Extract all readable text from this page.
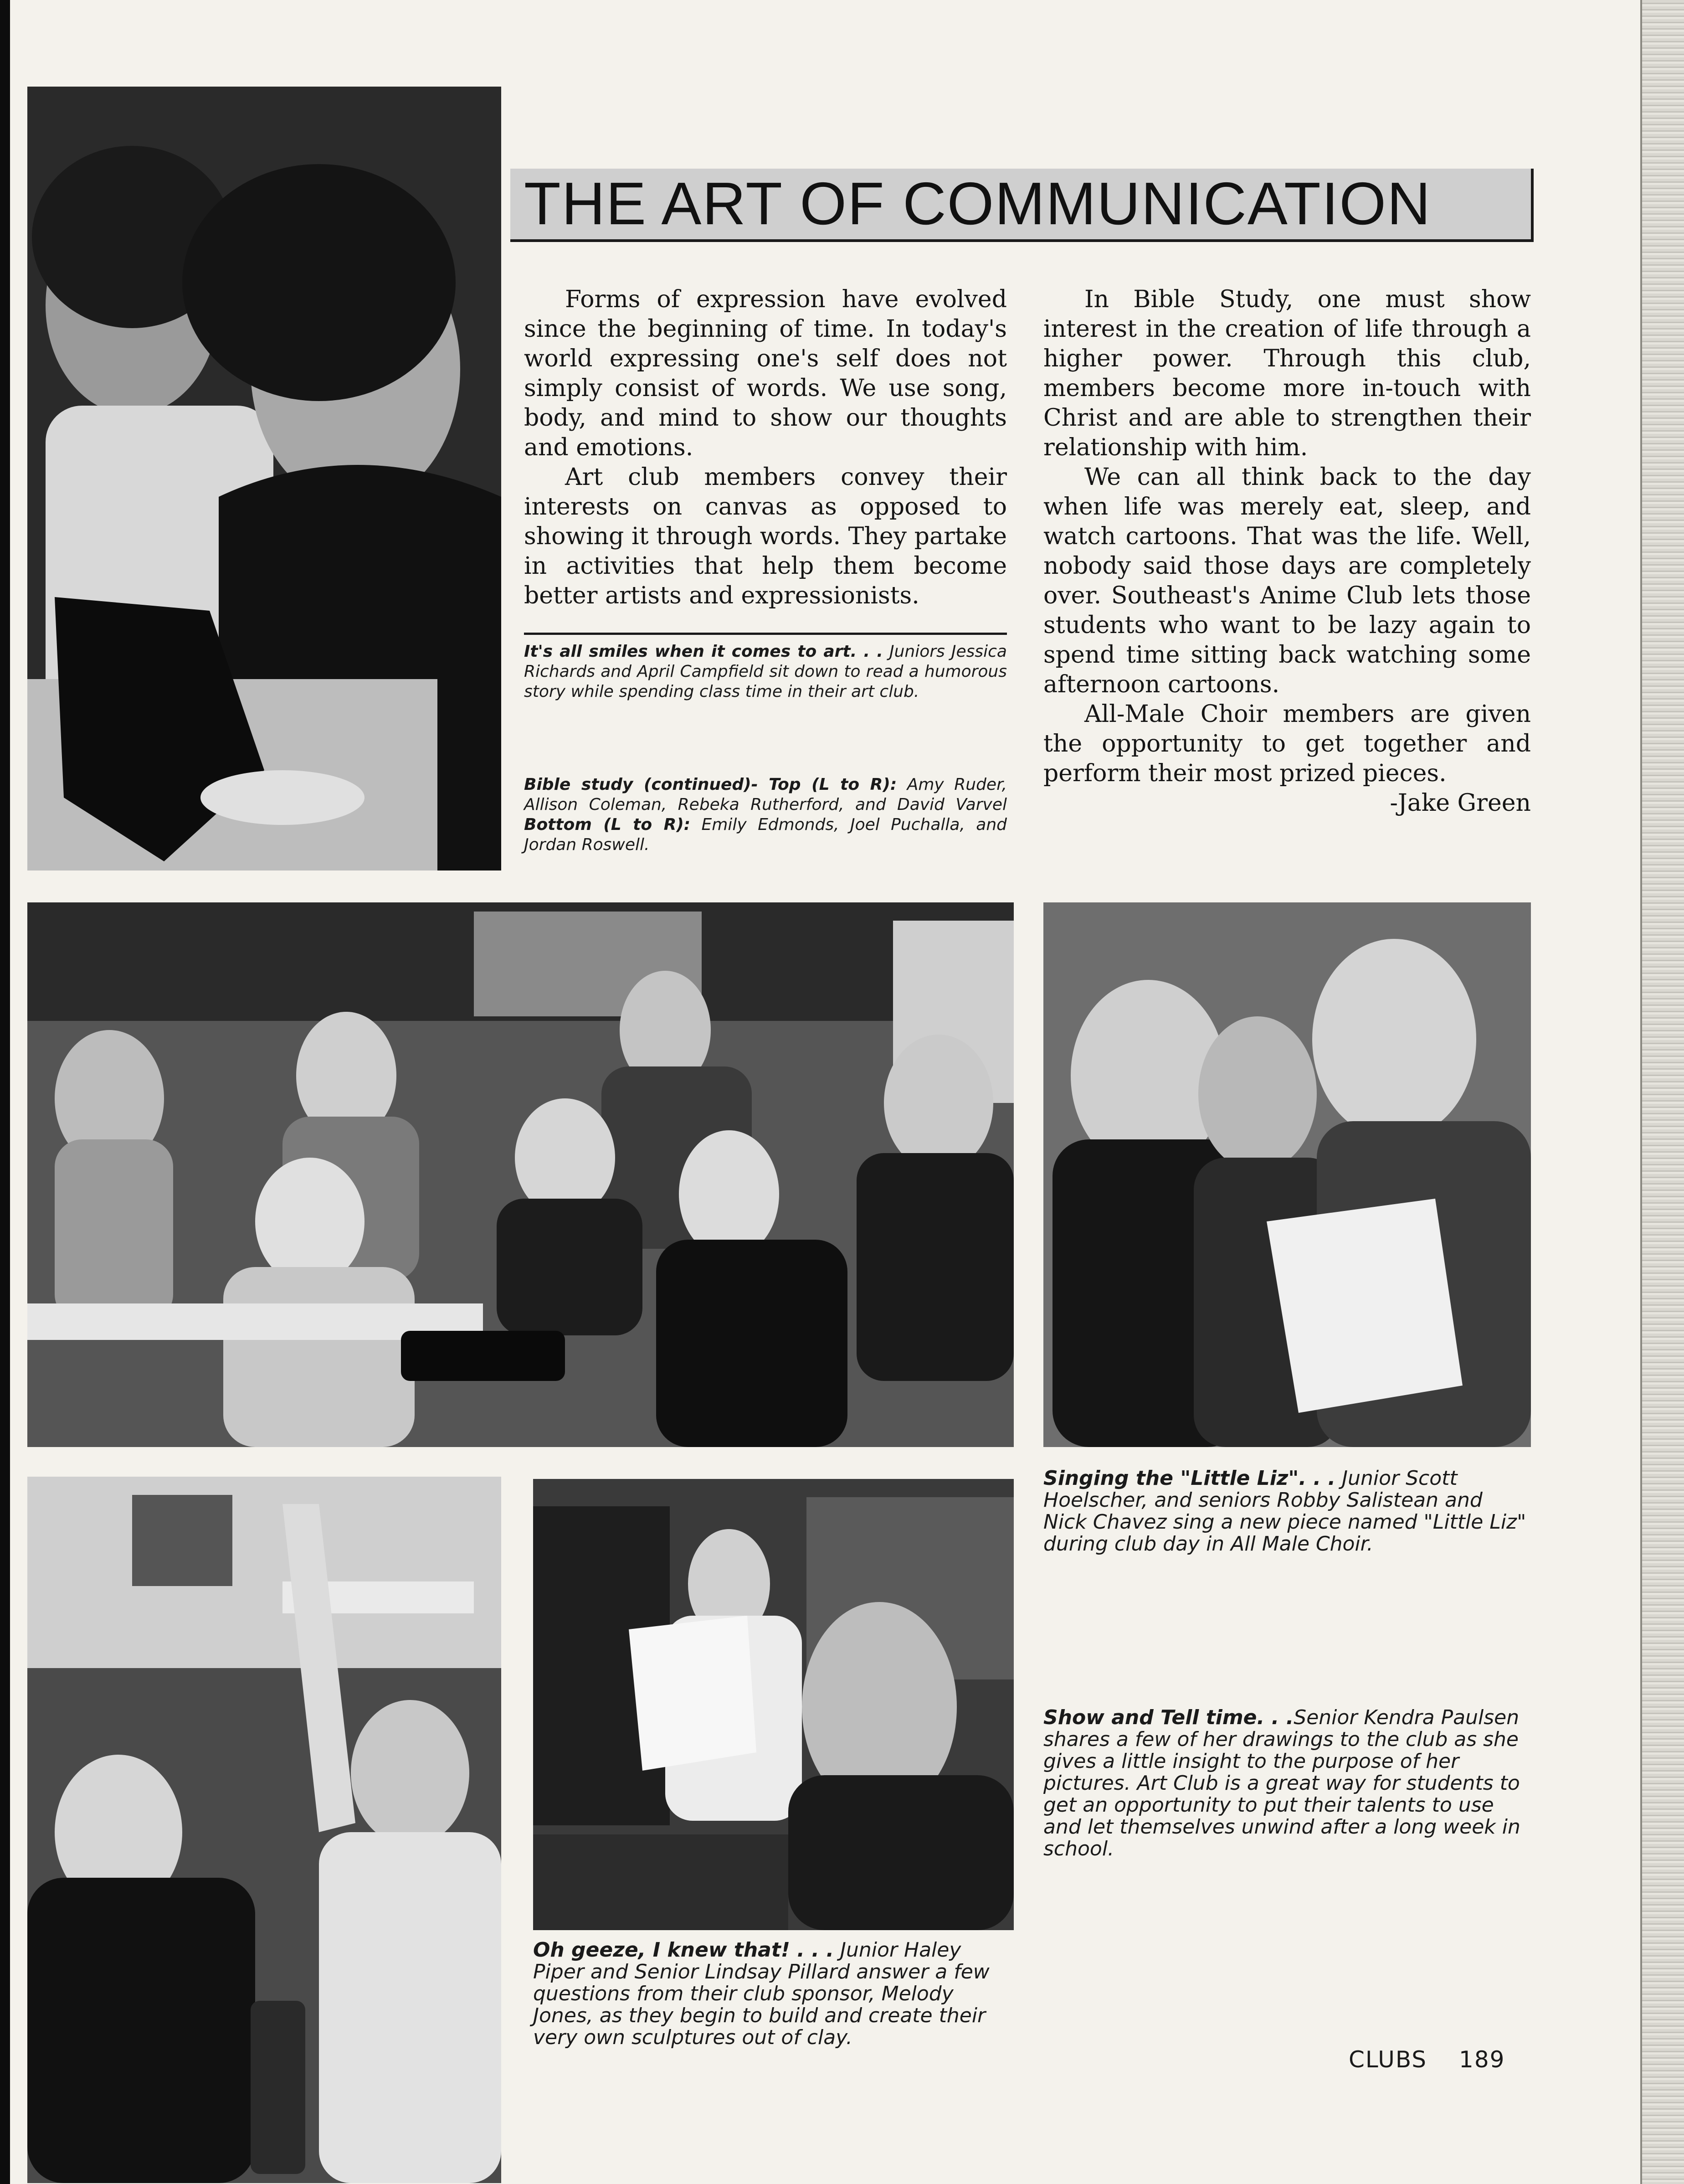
THE ART OF COMMUNICATION

Forms of expression have evolved since the beginning of time. In today's world expressing one's self does not simply consist of words. We use song, body, and mind to show our thoughts and emotions.

Art club members convey their interests on canvas as opposed to showing it through words. They partake in activities that help them become better artists and expressionists.

In Bible Study, one must show interest in the creation of life through a higher power. Through this club, members become more in-touch with Christ and are able to strengthen their relationship with him.

We can all think back to the day when life was merely eat, sleep, and watch cartoons. That was the life. Well, nobody said those days are completely over. Southeast's Anime Club lets those students who want to be lazy again to spend time sitting back watching some afternoon cartoons.

All-Male Choir members are given the opportunity to get together and perform their most prized pieces.

-Jake Green

It's all smiles when it comes to art. . . Juniors Jessica Richards and April Campfield sit down to read a humorous story while spending class time in their art club.

Bible study (continued)- Top (L to R): Amy Ruder, Allison Coleman, Rebeka Rutherford, and David Varvel Bottom (L to R): Emily Edmonds, Joel Puchalla, and Jordan Roswell.

Singing the "Little Liz". . . Junior Scott Hoelscher, and seniors Robby Salistean and Nick Chavez sing a new piece named "Little Liz" during club day in All Male Choir.

Show and Tell time. . .Senior Kendra Paulsen shares a few of her drawings to the club as she gives a little insight to the purpose of her pictures. Art Club is a great way for students to get an opportunity to put their talents to use and let themselves unwind after a long week in school.

Oh geeze, I knew that! . . . Junior Haley Piper and Senior Lindsay Pillard answer a few questions from their club sponsor, Melody Jones, as they begin to build and create their very own sculptures out of clay.

CLUBS 189
